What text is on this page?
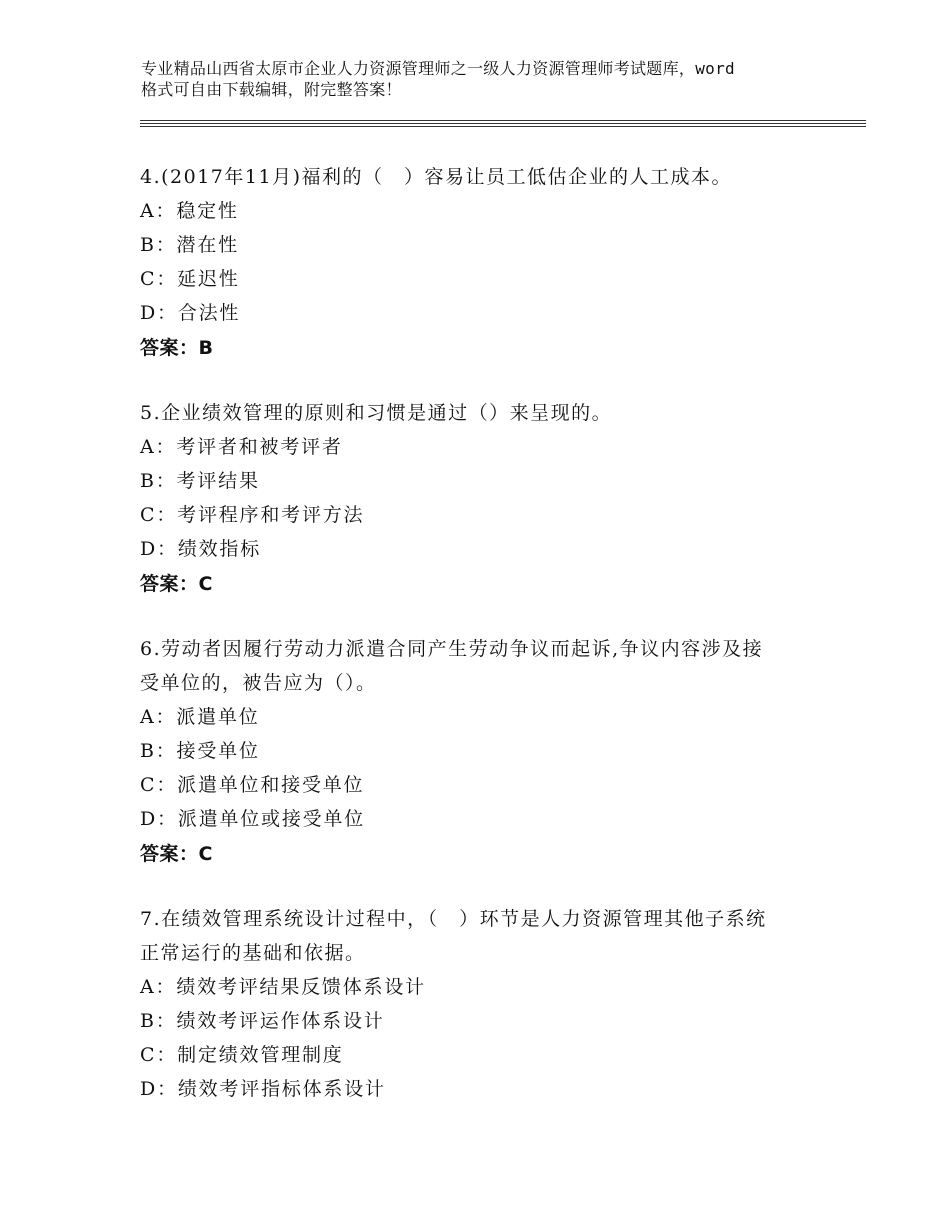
专业精品山西省太原市企业人力资源管理师之一级人力资源管理师考试题库，word
格式可自由下载编辑，附完整答案！
4.(2017年11月)福利的（　）容易让员工低估企业的人工成本。
A：稳定性
B：潜在性
C：延迟性
D：合法性
答案：B
5.企业绩效管理的原则和习惯是通过（）来呈现的。
A：考评者和被考评者
B：考评结果
C：考评程序和考评方法
D：绩效指标
答案：C
6.劳动者因履行劳动力派遣合同产生劳动争议而起诉,争议内容涉及接
受单位的，被告应为（）。
A：派遣单位
B：接受单位
C：派遣单位和接受单位
D：派遣单位或接受单位
答案：C
7.在绩效管理系统设计过程中，（　）环节是人力资源管理其他子系统
正常运行的基础和依据。
A：绩效考评结果反馈体系设计
B：绩效考评运作体系设计
C：制定绩效管理制度
D：绩效考评指标体系设计
